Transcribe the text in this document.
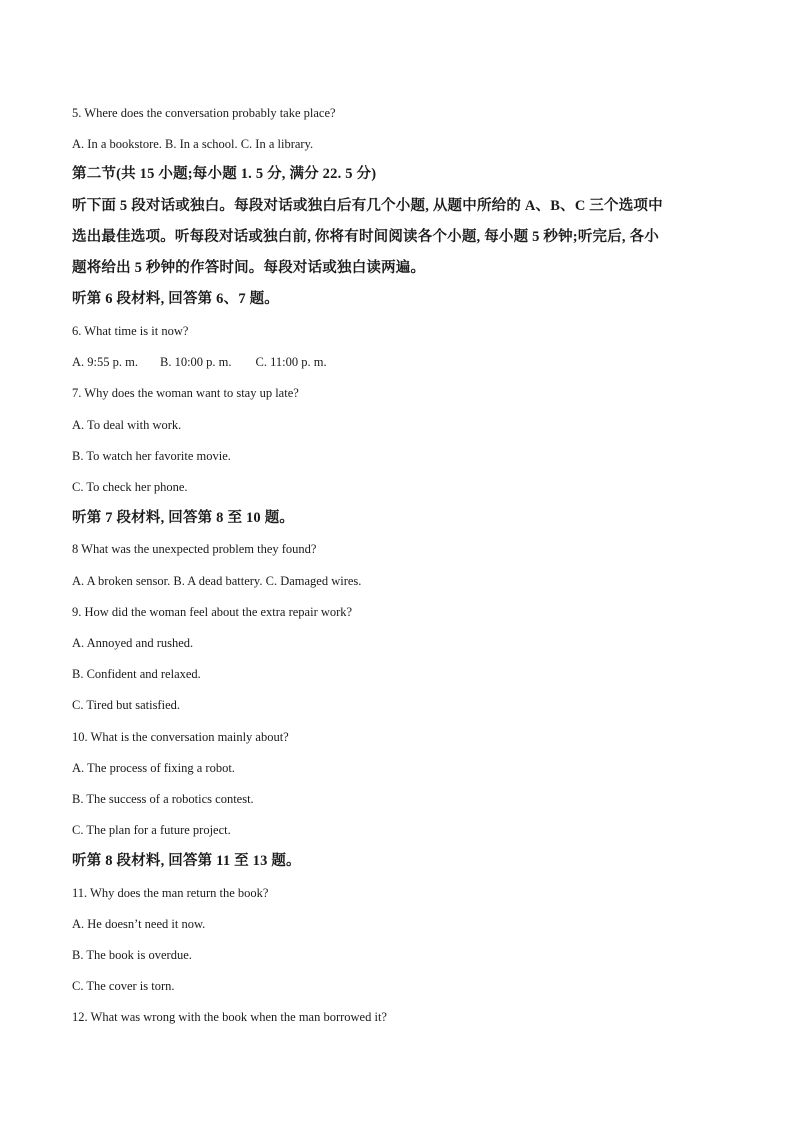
5. Where does the conversation probably take place?
A. In a bookstore. B. In a school. C. In a library.
第二节(共 15 小题;每小题 1. 5 分, 满分 22. 5 分)
听下面 5 段对话或独白。每段对话或独白后有几个小题, 从题中所给的 A、B、C 三个选项中
选出最佳选项。听每段对话或独白前, 你将有时间阅读各个小题, 每小题 5 秒钟;听完后, 各小
题将给出 5 秒钟的作答时间。每段对话或独白读两遍。
听第 6 段材料, 回答第 6、7 题。
6. What time is it now?
A. 9:55 p. m. B. 10:00 p. m. C. 11:00 p. m.
7. Why does the woman want to stay up late?
A. To deal with work.
B. To watch her favorite movie.
C. To check her phone.
听第 7 段材料, 回答第 8 至 10 题。
8 What was the unexpected problem they found?
A. A broken sensor. B. A dead battery. C. Damaged wires.
9. How did the woman feel about the extra repair work?
A. Annoyed and rushed.
B. Confident and relaxed.
C. Tired but satisfied.
10. What is the conversation mainly about?
A. The process of fixing a robot.
B. The success of a robotics contest.
C. The plan for a future project.
听第 8 段材料, 回答第 11 至 13 题。
11. Why does the man return the book?
A. He doesn’t need it now.
B. The book is overdue.
C. The cover is torn.
12. What was wrong with the book when the man borrowed it?
